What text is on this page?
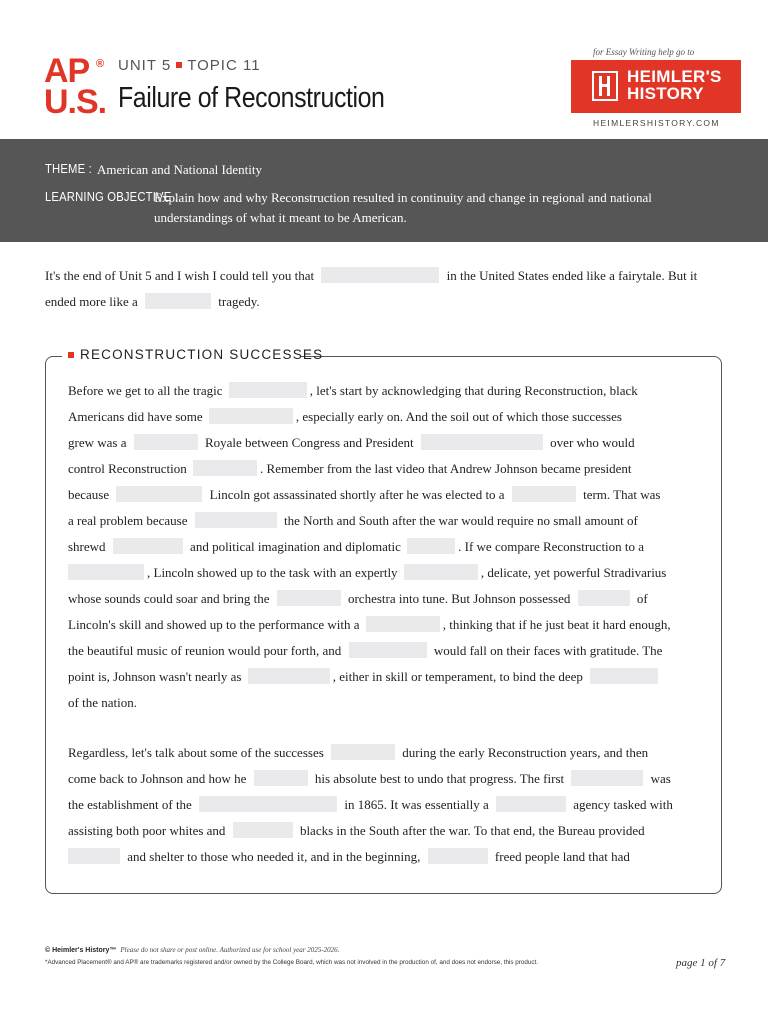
AP ®
U.S.
UNIT 5 TOPIC 11
Failure of Reconstruction
for Essay Writing help go to
HEIMLER'S HISTORY
HEIMLERSHISTORY.COM
THEME : American and National Identity
LEARNING OBJECTIVE :
Explain how and why Reconstruction resulted in continuity and change in regional and national
understandings of what it meant to be American.
It's the end of Unit 5 and I wish I could tell you that	in the United States ended like a fairytale. But it
ended more like a	tragedy.
RECONSTRUCTION SUCCESSES
Before we get to all the tragic	, let's start by acknowledging that during Reconstruction, black
Americans did have some	, especially early on. And the soil out of which those successes
grew was a	Royale between Congress and President	over who would
control Reconstruction	. Remember from the last video that Andrew Johnson became president
because	Lincoln got assassinated shortly after he was elected to a	term. That was
a real problem because	the North and South after the war would require no small amount of
shrewd	and political imagination and diplomatic	. If we compare Reconstruction to a
, Lincoln showed up to the task with an expertly	, delicate, yet powerful Stradivarius
whose sounds could soar and bring the	orchestra into tune. But Johnson possessed	of
Lincoln's skill and showed up to the performance with a	, thinking that if he just beat it hard enough,
the beautiful music of reunion would pour forth, and	would fall on their faces with gratitude. The
point is, Johnson wasn't nearly as	, either in skill or temperament, to bind the deep
of the nation.
Regardless, let's talk about some of the successes	during the early Reconstruction years, and then
come back to Johnson and how he	his absolute best to undo that progress. The first	was
the establishment of the	in 1865. It was essentially a	agency tasked with
assisting both poor whites and	blacks in the South after the war. To that end, the Bureau provided
and shelter to those who needed it, and in the beginning,	freed people land that had
© Heimler's History™ Please do not share or post online. Authorized use for school year 2025-2026.
*Advanced Placement® and AP® are trademarks registered and/or owned by the College Board, which was not involved in the production of, and does not endorse, this product.	page 1 of 7
